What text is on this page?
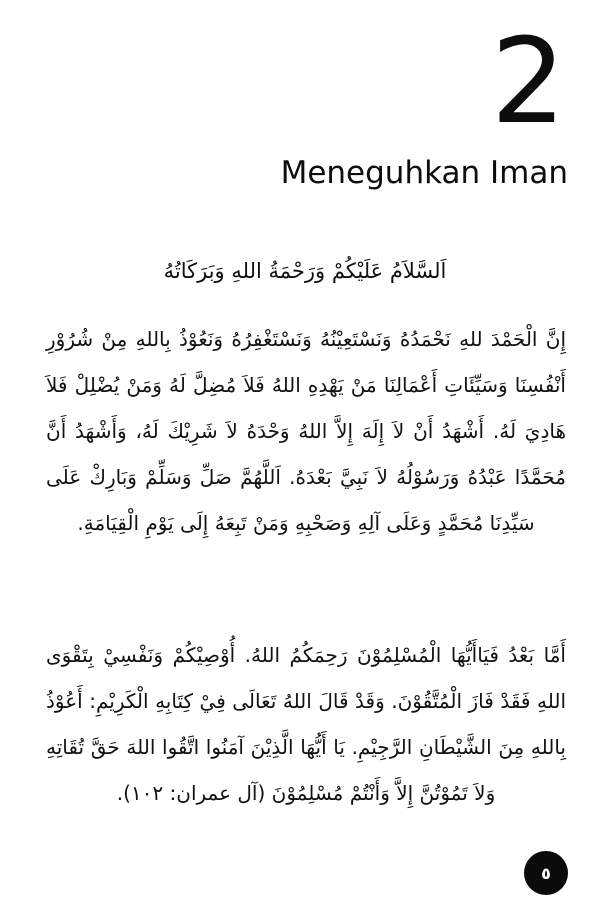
2
Meneguhkan Iman
اَلسَّلاَمُ عَلَيْكُمْ وَرَحْمَةُ اللهِ وَبَرَكَاتُهُ
إِنَّ الْحَمْدَ للهِ نَحْمَدُهُ وَنَسْتَعِيْنُهُ وَنَسْتَغْفِرُهُ وَنَعُوْذُ بِاللهِ مِنْ شُرُوْرِ أَنْفُسِنَا وَسَيِّئَاتِ أَعْمَالِنَا مَنْ يَهْدِهِ اللهُ فَلاَ مُضِلَّ لَهُ وَمَنْ يُضْلِلْ فَلاَ هَادِيَ لَهُ. أَشْهَدُ أَنْ لاَ إِلَهَ إِلاَّ اللهُ وَحْدَهُ لاَ شَرِيْكَ لَهُ، وَأَشْهَدُ أَنَّ مُحَمَّدًا عَبْدُهُ وَرَسُوْلُهُ لاَ نَبِيَّ بَعْدَهُ. اَللَّهُمَّ صَلِّ وَسَلِّمْ وَبَارِكْ عَلَى سَيِّدِنَا مُحَمَّدٍ وَعَلَى آلِهِ وَصَحْبِهِ وَمَنْ تَبِعَهُ إِلَى يَوْمِ الْقِيَامَةِ.
أَمَّا بَعْدُ فَيَاأَيُّهَا الْمُسْلِمُوْنَ رَحِمَكُمُ اللهُ. أُوْصِيْكُمْ وَنَفْسِيْ بِتَقْوَى اللهِ فَقَدْ فَازَ الْمُتَّقُوْنَ. وَقَدْ قَالَ اللهُ تَعَالَى فِيْ كِتَابِهِ الْكَرِيْمِ: أَعُوْذُ بِاللهِ مِنَ الشَّيْطَانِ الرَّجِيْمِ. يَا أَيُّهَا الَّذِيْنَ آمَنُوا اتَّقُوا اللهَ حَقَّ تُقَاتِهِ وَلاَ تَمُوْتُنَّ إِلاَّ وَأَنْتُمْ مُسْلِمُوْنَ (آل عمران: ١٠٢).
٥
